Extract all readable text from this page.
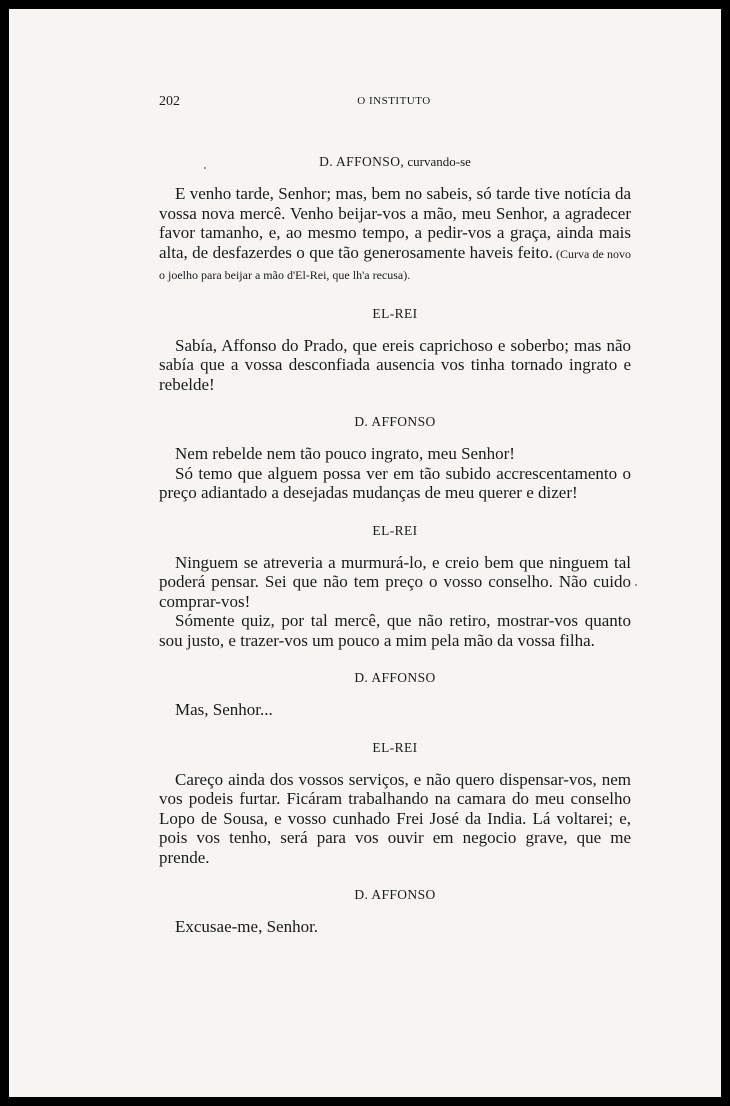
202	O INSTITUTO
D. AFFONSO, curvando-se

E venho tarde, Senhor; mas, bem no sabeis, só tarde tive notícia da vossa nova mercê. Venho beijar-vos a mão, meu Senhor, a agradecer favor tamanho, e, ao mesmo tempo, a pedir-vos a graça, ainda mais alta, de desfazerdes o que tão generosamente haveis feito. (Curva de novo o joelho para beijar a mão d'El-Rei, que lh'a recusa).

EL-REI

Sabía, Affonso do Prado, que ereis caprichoso e soberbo; mas não sabía que a vossa desconfiada ausencia vos tinha tornado ingrato e rebelde!

D. AFFONSO

Nem rebelde nem tão pouco ingrato, meu Senhor!

Só temo que alguem possa ver em tão subido accrescentamento o preço adiantado a desejadas mudanças de meu querer e dizer!

EL-REI

Ninguem se atreveria a murmurá-lo, e creio bem que ninguem tal poderá pensar. Sei que não tem preço o vosso conselho. Não cuido comprar-vos!

Sómente quiz, por tal mercê, que não retiro, mostrar-vos quanto sou justo, e trazer-vos um pouco a mim pela mão da vossa filha.

D. AFFONSO

Mas, Senhor...

EL-REI

Careço ainda dos vossos serviços, e não quero dispensar-vos, nem vos podeis furtar. Ficáram trabalhando na camara do meu conselho Lopo de Sousa, e vosso cunhado Frei José da India. Lá voltarei; e, pois vos tenho, será para vos ouvir em negocio grave, que me prende.

D. AFFONSO

Excusae-me, Senhor.
